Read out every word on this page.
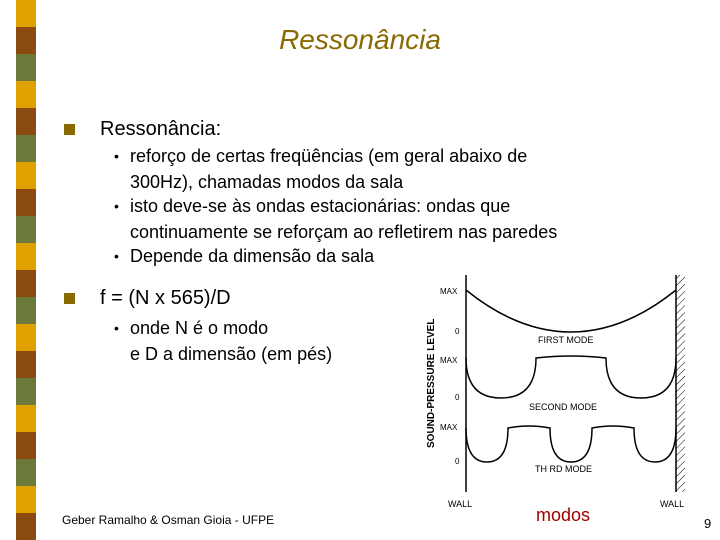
Ressonância
Ressonância:
• reforço de certas freqüências (em geral abaixo de
300Hz), chamadas modos da sala
• isto deve-se às ondas estacionárias: ondas que
continuamente se reforçam ao refletirem nas paredes
• Depende da dimensão da sala
f = (N x 565)/D
• onde N é o modo
e D a dimensão (em pés)	SOUND-PRESSURE LEVEL
MAX
0
MAX
0
MAX
0
FIRST MODE
SECOND MODE
TH RD MODE
WALL	WALL
Geber Ramalho & Osman Gioia - UFPE	modos	9
